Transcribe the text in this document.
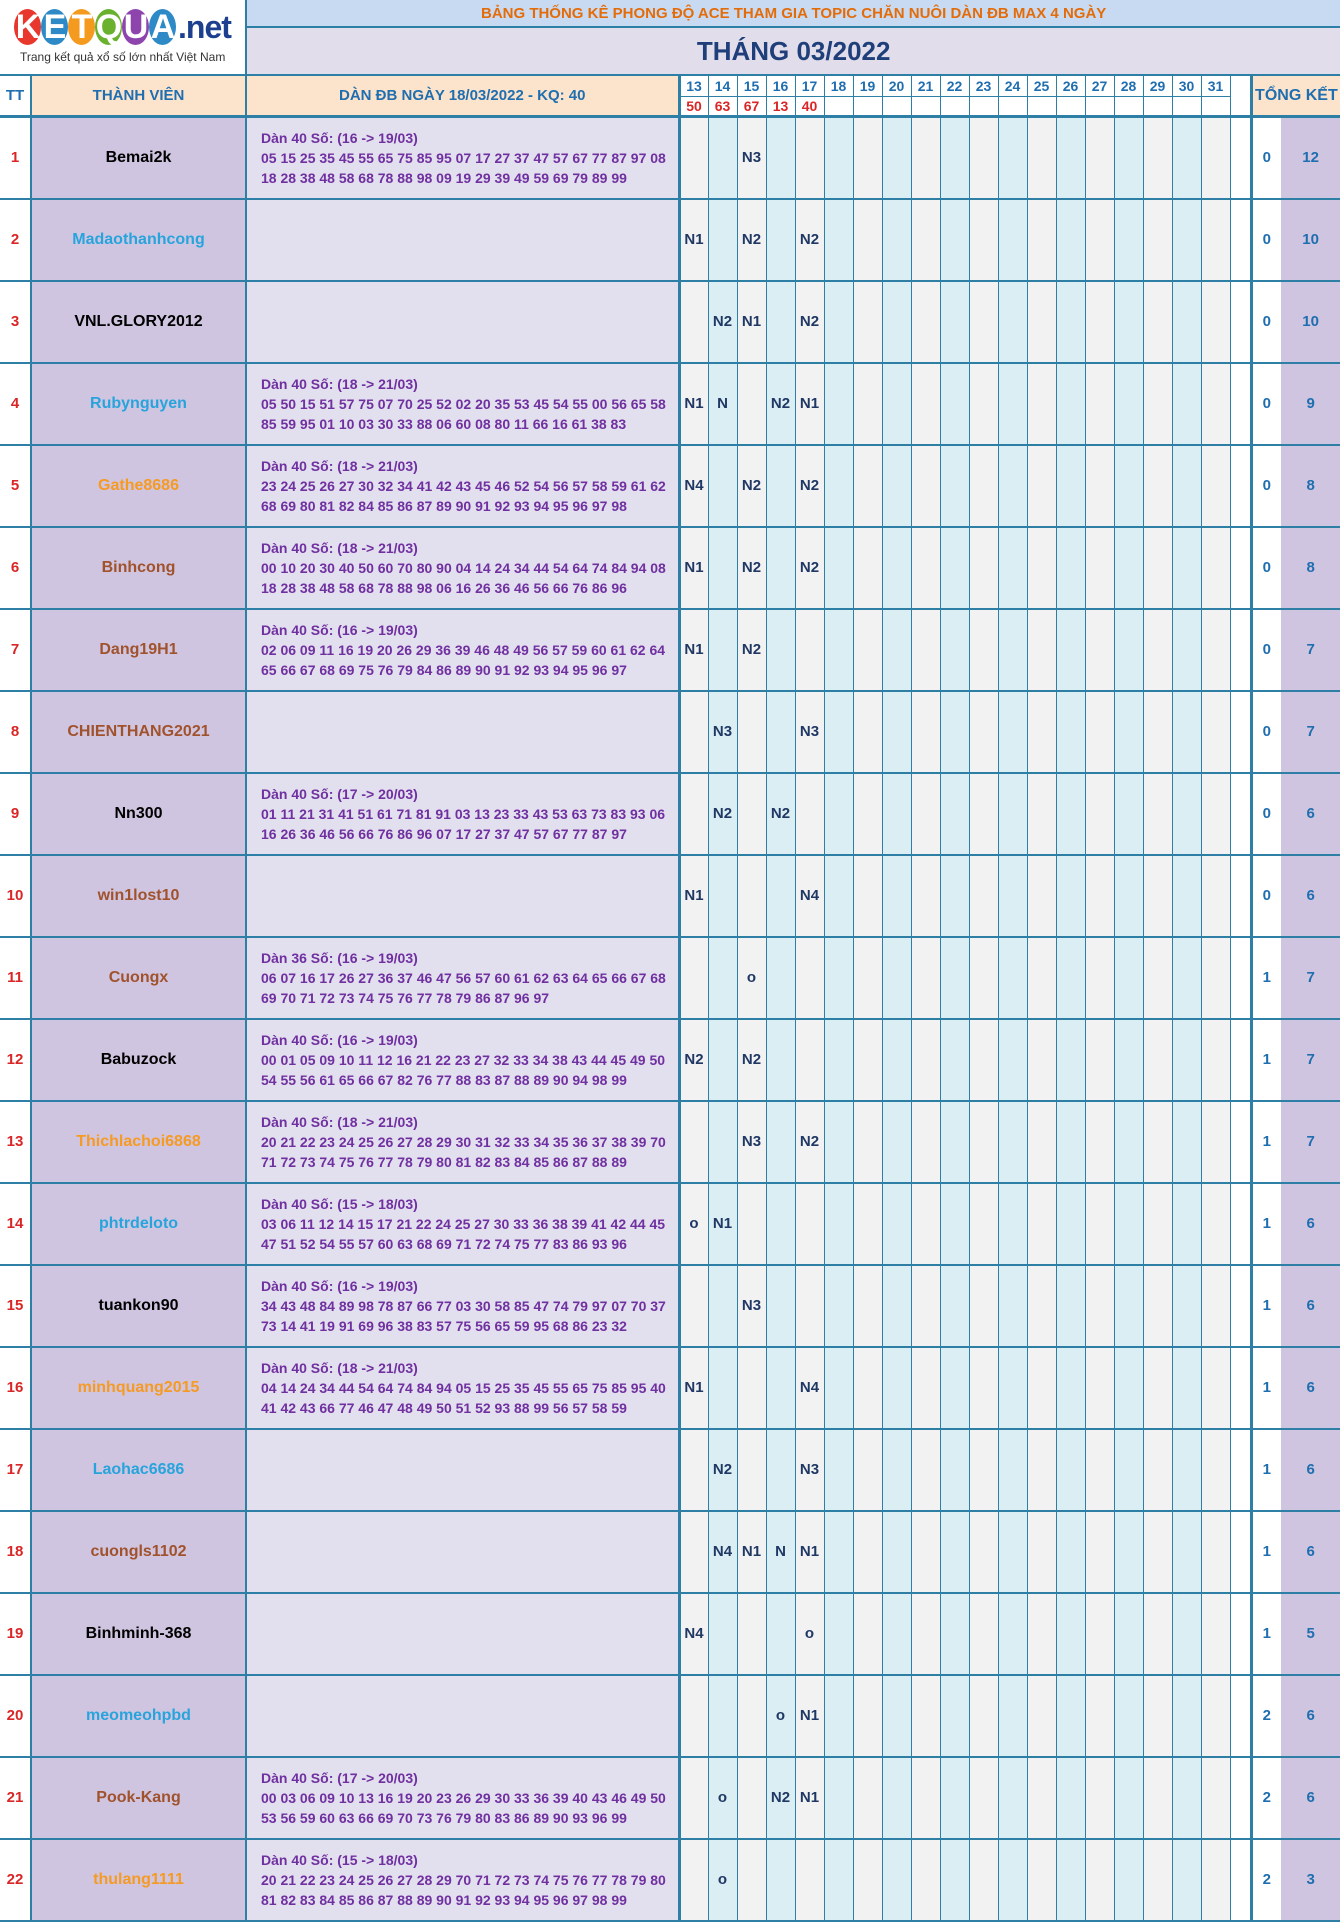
K E T QU A .net
Trang kết quả xổ số lớn nhất Việt Nam		BẢNG THỐNG KÊ PHONG ĐỘ ACE THAM GIA TOPIC CHĂN NUÔI DÀN ĐB MAX 4 NGÀY																						
		THÁNG 03/2022																						
TT	THÀNH VIÊN	DÀN ĐB NGÀY 18/03/2022 - KQ: 40	13	14	15	16	17	18	19	20	21	22	23	24	25	26	27	28	29	30	31		TỔNG KẾT	
			50	63	67	13	40																	
1	Bemai2k	Dàn 40 Số: (16 -> 19/03)
05 15 25 35 45 55 65 75 85 95 07 17 27 37 47 57 67 77 87 97 08
18 28 38 48 58 68 78 88 98 09 19 29 39 49 59 69 79 89 99			N3																		0	12
2	Madaothanhcong		N1		N2		N2																0	10
3	VNL.GLORY2012			N2	N1		N2																0	10
4	Rubynguyen	Dàn 40 Số: (18 -> 21/03)
05 50 15 51 57 75 07 70 25 52 02 20 35 53 45 54 55 00 56 65 58
85 59 95 01 10 03 30 33 88 06 60 08 80 11 66 16 61 38 83	N1	N		N2	N1																0	9
5	Gathe8686	Dàn 40 Số: (18 -> 21/03)
23 24 25 26 27 30 32 34 41 42 43 45 46 52 54 56 57 58 59 61 62
68 69 80 81 82 84 85 86 87 89 90 91 92 93 94 95 96 97 98	N4		N2		N2																0	8
6	Binhcong	Dàn 40 Số: (18 -> 21/03)
00 10 20 30 40 50 60 70 80 90 04 14 24 34 44 54 64 74 84 94 08
18 28 38 48 58 68 78 88 98 06 16 26 36 46 56 66 76 86 96	N1		N2		N2																0	8
7	Dang19H1	Dàn 40 Số: (16 -> 19/03)
02 06 09 11 16 19 20 26 29 36 39 46 48 49 56 57 59 60 61 62 64
65 66 67 68 69 75 76 79 84 86 89 90 91 92 93 94 95 96 97	N1		N2																		0	7
8	CHIENTHANG2021			N3			N3																0	7
9	Nn300	Dàn 40 Số: (17 -> 20/03)
01 11 21 31 41 51 61 71 81 91 03 13 23 33 43 53 63 73 83 93 06
16 26 36 46 56 66 76 86 96 07 17 27 37 47 57 67 77 87 97		N2		N2																	0	6
10	win1lost10		N1				N4																0	6
11	Cuongx	Dàn 36 Số: (16 -> 19/03)
06 07 16 17 26 27 36 37 46 47 56 57 60 61 62 63 64 65 66 67 68
69 70 71 72 73 74 75 76 77 78 79 86 87 96 97			o																		1	7
12	Babuzock	Dàn 40 Số: (16 -> 19/03)
00 01 05 09 10 11 12 16 21 22 23 27 32 33 34 38 43 44 45 49 50
54 55 56 61 65 66 67 82 76 77 88 83 87 88 89 90 94 98 99	N2		N2																		1	7
13	Thichlachoi6868	Dàn 40 Số: (18 -> 21/03)
20 21 22 23 24 25 26 27 28 29 30 31 32 33 34 35 36 37 38 39 70
71 72 73 74 75 76 77 78 79 80 81 82 83 84 85 86 87 88 89			N3		N2																1	7
14	phtrdeloto	Dàn 40 Số: (15 -> 18/03)
03 06 11 12 14 15 17 21 22 24 25 27 30 33 36 38 39 41 42 44 45
47 51 52 54 55 57 60 63 68 69 71 72 74 75 77 83 86 93 96	o	N1																			1	6
15	tuankon90	Dàn 40 Số: (16 -> 19/03)
34 43 48 84 89 98 78 87 66 77 03 30 58 85 47 74 79 97 07 70 37
73 14 41 19 91 69 96 38 83 57 75 56 65 59 95 68 86 23 32			N3																		1	6
16	minhquang2015	Dàn 40 Số: (18 -> 21/03)
04 14 24 34 44 54 64 74 84 94 05 15 25 35 45 55 65 75 85 95 40
41 42 43 66 77 46 47 48 49 50 51 52 93 88 99 56 57 58 59	N1				N4																1	6
17	Laohac6686			N2			N3																1	6
18	cuongls1102			N4	N1	N	N1																1	6
19	Binhminh-368		N4				o																1	5
20	meomeohpbd					o	N1																2	6
21	Pook-Kang	Dàn 40 Số: (17 -> 20/03)
00 03 06 09 10 13 16 19 20 23 26 29 30 33 36 39 40 43 46 49 50
53 56 59 60 63 66 69 70 73 76 79 80 83 86 89 90 93 96 99		o		N2	N1																2	6
22	thulang1111	Dàn 40 Số: (15 -> 18/03)
20 21 22 23 24 25 26 27 28 29 70 71 72 73 74 75 76 77 78 79 80
81 82 83 84 85 86 87 88 89 90 91 92 93 94 95 96 97 98 99		o																			2	3
